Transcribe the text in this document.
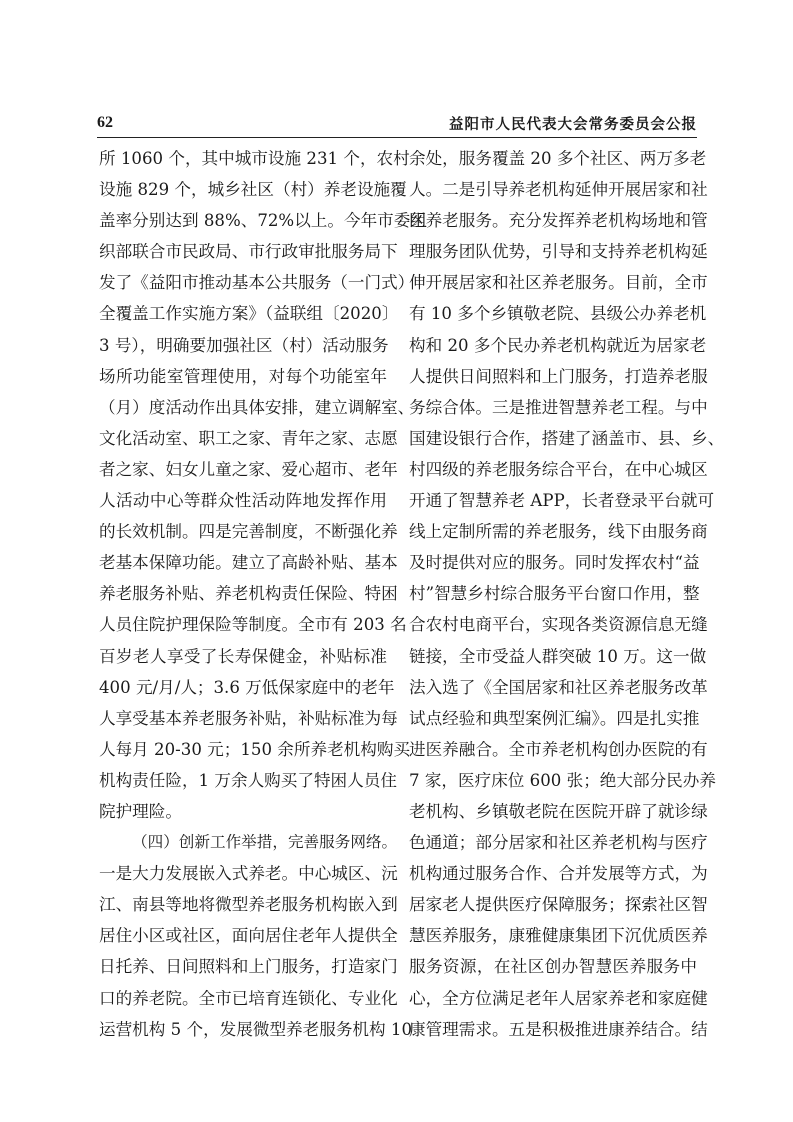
62	益阳市人民代表大会常务委员会公报
所 1060 个，其中城市设施 231 个，农村
设施 829 个，城乡社区（村）养老设施覆
盖率分别达到 88%、72%以上。今年市委组
织部联合市民政局、市行政审批服务局下
发了《益阳市推动基本公共服务（一门式）
全覆盖工作实施方案》（益联组〔2020〕
3 号），明确要加强社区（村）活动服务
场所功能室管理使用，对每个功能室年
（月）度活动作出具体安排，建立调解室、
文化活动室、职工之家、青年之家、志愿
者之家、妇女儿童之家、爱心超市、老年
人活动中心等群众性活动阵地发挥作用
的长效机制。四是完善制度，不断强化养
老基本保障功能。建立了高龄补贴、基本
养老服务补贴、养老机构责任保险、特困
人员住院护理保险等制度。全市有 203 名
百岁老人享受了长寿保健金，补贴标准
400 元/月/人；3.6 万低保家庭中的老年
人享受基本养老服务补贴，补贴标准为每
人每月 20-30 元；150 余所养老机构购买
机构责任险，1 万余人购买了特困人员住
院护理险。
（四）创新工作举措，完善服务网络。
一是大力发展嵌入式养老。中心城区、沅
江、南县等地将微型养老服务机构嵌入到
居住小区或社区，面向居住老年人提供全
日托养、日间照料和上门服务，打造家门
口的养老院。全市已培育连锁化、专业化
运营机构 5 个，发展微型养老服务机构 10
余处，服务覆盖 20 多个社区、两万多老
人。二是引导养老机构延伸开展居家和社
区养老服务。充分发挥养老机构场地和管
理服务团队优势，引导和支持养老机构延
伸开展居家和社区养老服务。目前，全市
有 10 多个乡镇敬老院、县级公办养老机
构和 20 多个民办养老机构就近为居家老
人提供日间照料和上门服务，打造养老服
务综合体。三是推进智慧养老工程。与中
国建设银行合作，搭建了涵盖市、县、乡、
村四级的养老服务综合平台，在中心城区
开通了智慧养老 APP，长者登录平台就可
线上定制所需的养老服务，线下由服务商
及时提供对应的服务。同时发挥农村“益
村”智慧乡村综合服务平台窗口作用，整
合农村电商平台，实现各类资源信息无缝
链接，全市受益人群突破 10 万。这一做
法入选了《全国居家和社区养老服务改革
试点经验和典型案例汇编》。四是扎实推
进医养融合。全市养老机构创办医院的有
7 家，医疗床位 600 张；绝大部分民办养
老机构、乡镇敬老院在医院开辟了就诊绿
色通道；部分居家和社区养老机构与医疗
机构通过服务合作、合并发展等方式，为
居家老人提供医疗保障服务；探索社区智
慧医养服务，康雅健康集团下沉优质医养
服务资源，在社区创办智慧医养服务中
心，全方位满足老年人居家养老和家庭健
康管理需求。五是积极推进康养结合。结
